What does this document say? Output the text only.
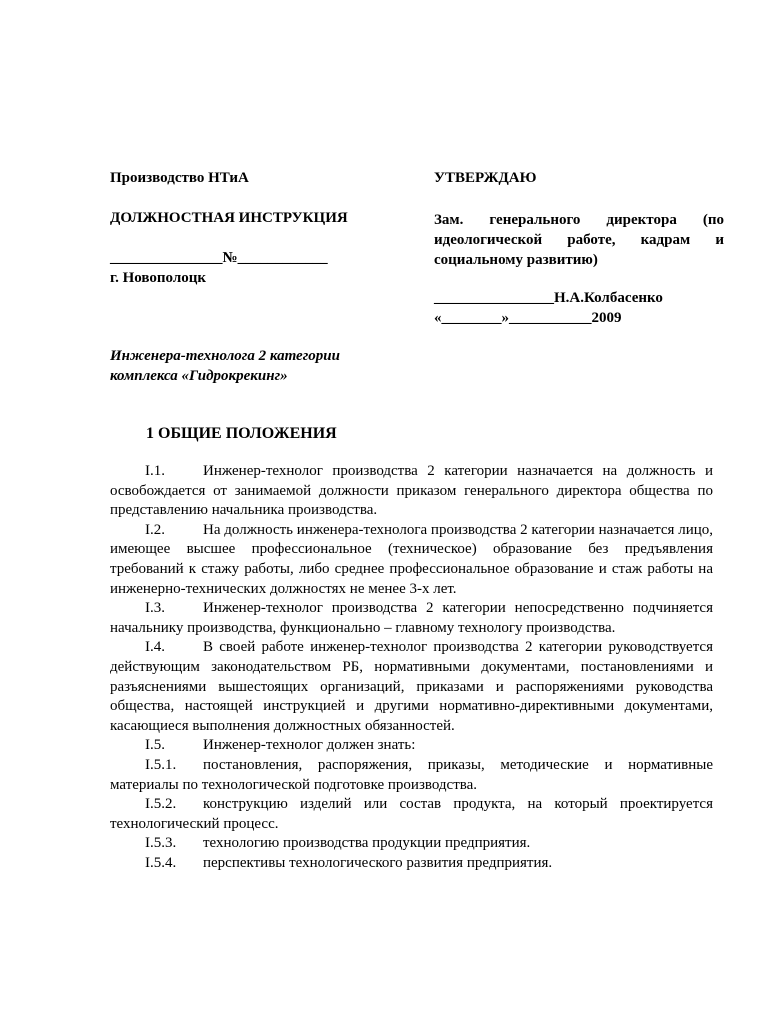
Производство НТиА	УТВЕРЖДАЮ
ДОЛЖНОСТНАЯ ИНСТРУКЦИЯ	Зам. генерального директора (по идеологической работе, кадрам и социальному развитию)
_______________№____________
г. Новополоцк
________________Н.А.Колбасенко
«________»___________2009
Инженера-технолога 2 категории
комплекса «Гидрокрекинг»
1 ОБЩИЕ ПОЛОЖЕНИЯ

I.1.	Инженер-технолог производства 2 категории назначается на должность и освобождается от занимаемой должности приказом генерального директора общества по представлению начальника производства.

I.2.	На должность инженера-технолога производства 2 категории назначается лицо, имеющее высшее профессиональное (техническое) образование без предъявления требований к стажу работы, либо среднее профессиональное образование и стаж работы на инженерно-технических должностях не менее 3-х лет.

I.3.	Инженер-технолог производства 2 категории непосредственно подчиняется начальнику производства, функционально – главному технологу производства.

I.4.	В своей работе инженер-технолог производства 2 категории руководствуется действующим законодательством РБ, нормативными документами, постановлениями и разъяснениями вышестоящих организаций, приказами и распоряжениями руководства общества, настоящей инструкцией и другими нормативно-директивными документами, касающиеся выполнения должностных обязанностей.

I.5.	Инженер-технолог должен знать:

I.5.1. постановления, распоряжения, приказы, методические и нормативные материалы по технологической подготовке производства.

I.5.2. конструкцию изделий или состав продукта, на который проектируется технологический процесс.

I.5.3. технологию производства продукции предприятия.

I.5.4. перспективы технологического развития предприятия.
